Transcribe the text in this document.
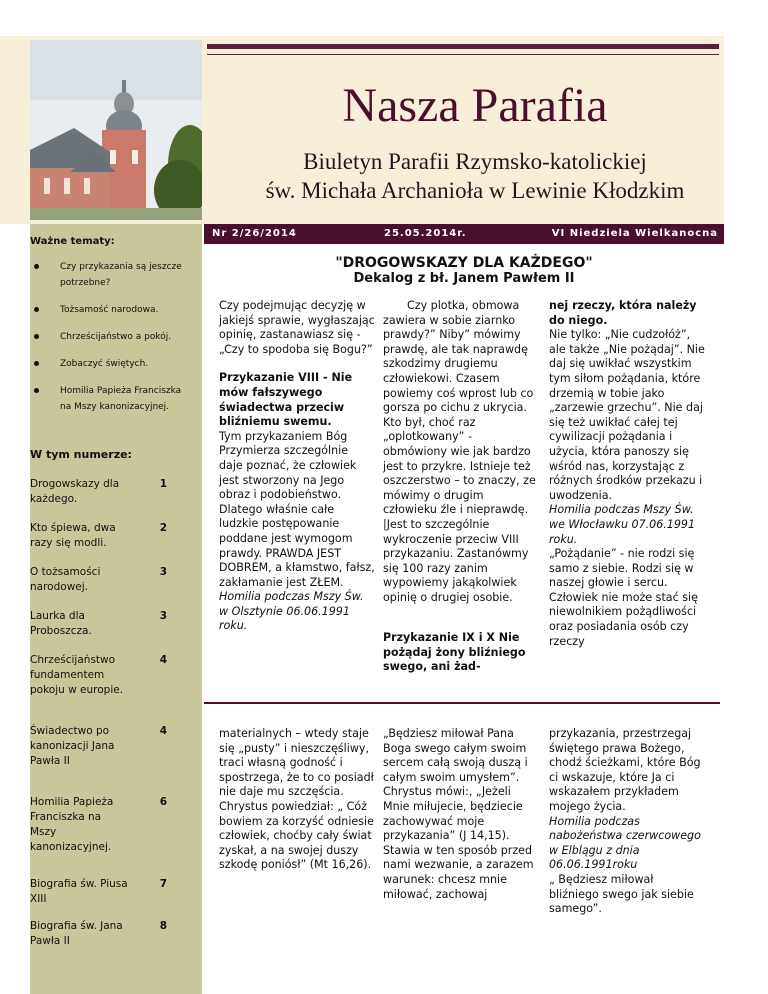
Nasza Parafia
Biuletyn Parafii Rzymsko-katolickiej
św. Michała Archanioła w Lewinie Kłodzkim
Nr 2/26/2014	25.05.2014r.	VI Niedziela Wielkanocna

Ważne tematy:

Czy przykazania są jeszcze potrzebne?
Tożsamość narodowa.
Chrześcijaństwo a pokój.
Zobaczyć świętych.
Homilia Papieża Franciszka na Mszy kanonizacyjnej.

W tym numerze:

Drogowskazy dla każdego.
1
Kto śpiewa, dwa razy się modli.
2
O tożsamości narodowej.
3
Laurka dla Proboszcza.
3
Chrześcijaństwo fundamentem pokoju w europie.
4
Świadectwo po kanonizacji Jana Pawła II
4
Homilia Papieża Franciszka na Mszy kanonizacyjnej.
6
Biografia św. Piusa XIII
7
Biografia św. Jana Pawła II
8
"DROGOWSKAZY DLA KAŻDEGO"
Dekalog z bł. Janem Pawłem II

Czy podejmując decyzję w jakiejś sprawie, wygłaszając opinię, zastanawiasz się - „Czy to spodoba się Bogu?”

Przykazanie VIII - Nie mów fałszywego świadectwa przeciw bliźniemu swemu.

Tym przykazaniem Bóg Przymierza szczególnie daje poznać, że człowiek jest stworzony na Jego obraz i podobieństwo. Dlatego właśnie całe ludzkie postępowanie poddane jest wymogom prawdy. PRAWDA JEST DOBREM, a kłamstwo, fałsz, zakłamanie jest ZŁEM.

Homilia podczas Mszy Św. w Olsztynie 06.06.1991 roku.

Czy plotka, obmowa zawiera w sobie ziarnko prawdy?” Niby” mówimy prawdę, ale tak naprawdę szkodzimy drugiemu człowiekowi. Czasem powiemy coś wprost lub co gorsza po cichu z ukrycia. Kto był, choć raz „oplotkowany” - obmówiony wie jak bardzo jest to przykre. Istnieje też oszczerstwo – to znaczy, ze mówimy o drugim człowieku źle i nieprawdę. |Jest to szczególnie wykroczenie przeciw VIII przykazaniu. Zastanówmy się 100 razy zanim wypowiemy jakąkolwiek opinię o drugiej osobie.

Przykazanie IX i X Nie pożądaj żony bliźniego swego, ani żad-

nej rzeczy, która należy do niego.

Nie tylko: „Nie cudzołóż”, ale także „Nie pożądaj”. Nie daj się uwikłać wszystkim tym siłom pożądania, które drzemią w tobie jako „zarzewie grzechu”. Nie daj się też uwikłać całej tej cywilizacji pożądania i użycia, która panoszy się wśród nas, korzystając z różnych środków przekazu i uwodzenia.

Homilia podczas Mszy Św. we Włocławku 07.06.1991 roku.

„Pożądanie” - nie rodzi się samo z siebie. Rodzi się w naszej głowie i sercu. Człowiek nie może stać się niewolnikiem pożądliwości oraz posiadania osób czy rzeczy

materialnych – wtedy staje się „pusty” i nieszczęśliwy, traci własną godność i spostrzega, że to co posiadł nie daje mu szczęścia. Chrystus powiedział: „ Cóż bowiem za korzyść odniesie człowiek, choćby cały świat zyskał, a na swojej duszy szkodę poniósł” (Mt 16,26).

„Będziesz miłował Pana Boga swego całym swoim sercem całą swoją duszą i całym swoim umysłem”. Chrystus mówi:, „Jeżeli Mnie miłujecie, będziecie zachowywać moje przykazania” (J 14,15). Stawia w ten sposób przed nami wezwanie, a zarazem warunek: chcesz mnie miłować, zachowaj

przykazania, przestrzegaj świętego prawa Bożego, chodź ścieżkami, które Bóg ci wskazuje, które Ja ci wskazałem przykładem mojego życia.

Homilia podczas nabożeństwa czerwcowego w Elblągu z dnia 06.06.1991roku

„ Będziesz miłował bliźniego swego jak siebie samego”.
